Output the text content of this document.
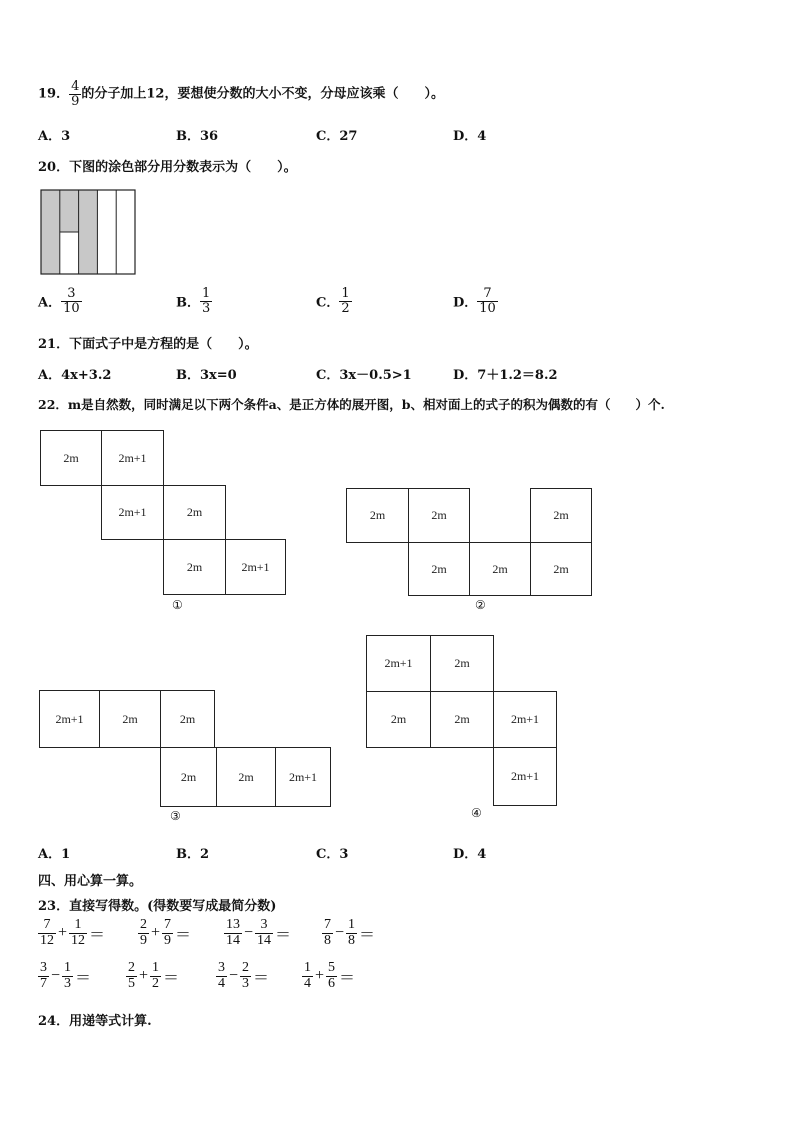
19． $\frac{4}{9}$ 的分子加上12，要想使分数的大小不变，分母应该乘（　　）。
A．3	B．36	C．27	D．4
20．下图的涂色部分用分数表示为（　　）。
A． $\frac{3}{10}$	B． $\frac{1}{3}$	C． $\frac{1}{2}$	D． $\frac{7}{10}$
21．下面式子中是方程的是（　　）。
A．4x+3.2	B．3x=0	C．3x－0.5>1	D．7＋1.2＝8.2
22．m是自然数，同时满足以下两个条件a、是正方体的展开图，b、相对面上的式子的积为偶数的有（　　）个.
2m	2m+1
2m+1	2m
2m	2m+1
①
2m	2m	2m
2m	2m	2m
②
2m+1	2m	2m
2m	2m	2m+1
③
2m+1	2m
2m	2m	2m+1
2m+1
④
A．1	B．2	C．3	D．4
四、用心算一算。
23．直接写得数。(得数要写成最简分数)
$\frac{7}{12} + \frac{1}{12} = \frac{2}{9} + \frac{7}{9} = \frac{13}{14} - \frac{3}{14} = \frac{7}{8} - \frac{1}{8}$ ＝
$\frac{3}{7} - \frac{1}{3} = \frac{2}{5} + \frac{1}{2}$ ＝	$\frac{3}{4} - \frac{2}{3} = \frac{1}{4} + \frac{5}{6}$ ＝
24．用递等式计算.
